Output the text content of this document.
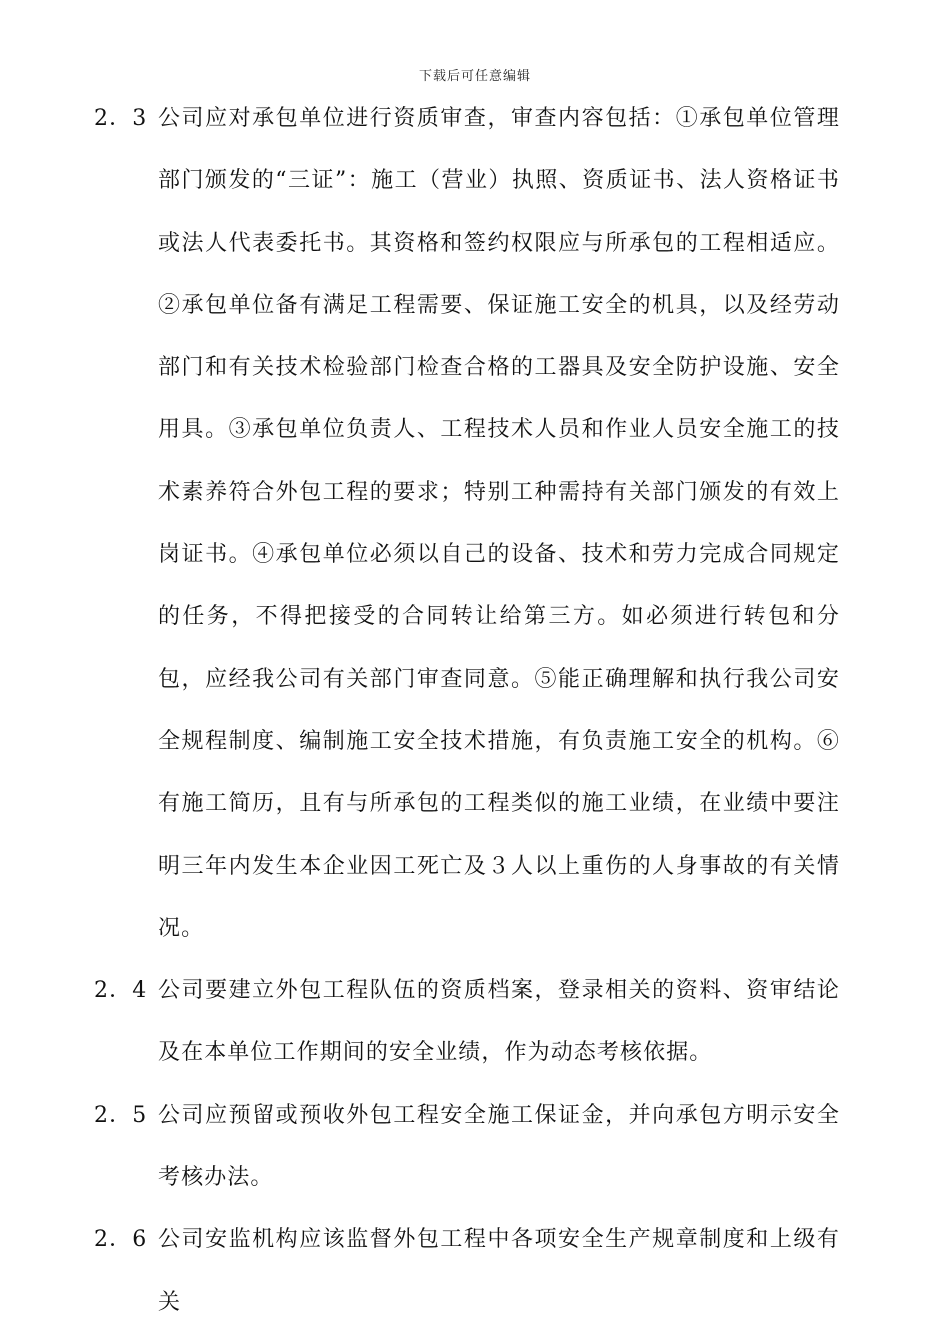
下载后可任意编辑
2．3 公司应对承包单位进行资质审查，审查内容包括：①承包单位管理部门颁发的“三证”：施工（营业）执照、资质证书、法人资格证书或法人代表委托书。其资格和签约权限应与所承包的工程相适应。②承包单位备有满足工程需要、保证施工安全的机具，以及经劳动部门和有关技术检验部门检查合格的工器具及安全防护设施、安全用具。③承包单位负责人、工程技术人员和作业人员安全施工的技术素养符合外包工程的要求；特别工种需持有关部门颁发的有效上岗证书。④承包单位必须以自己的设备、技术和劳力完成合同规定的任务，不得把接受的合同转让给第三方。如必须进行转包和分包，应经我公司有关部门审查同意。⑤能正确理解和执行我公司安全规程制度、编制施工安全技术措施，有负责施工安全的机构。⑥有施工简历，且有与所承包的工程类似的施工业绩，在业绩中要注明三年内发生本企业因工死亡及３人以上重伤的人身事故的有关情况。
2．4 公司要建立外包工程队伍的资质档案，登录相关的资料、资审结论及在本单位工作期间的安全业绩，作为动态考核依据。
2．5 公司应预留或预收外包工程安全施工保证金，并向承包方明示安全考核办法。
2．6 公司安监机构应该监督外包工程中各项安全生产规章制度和上级有关
